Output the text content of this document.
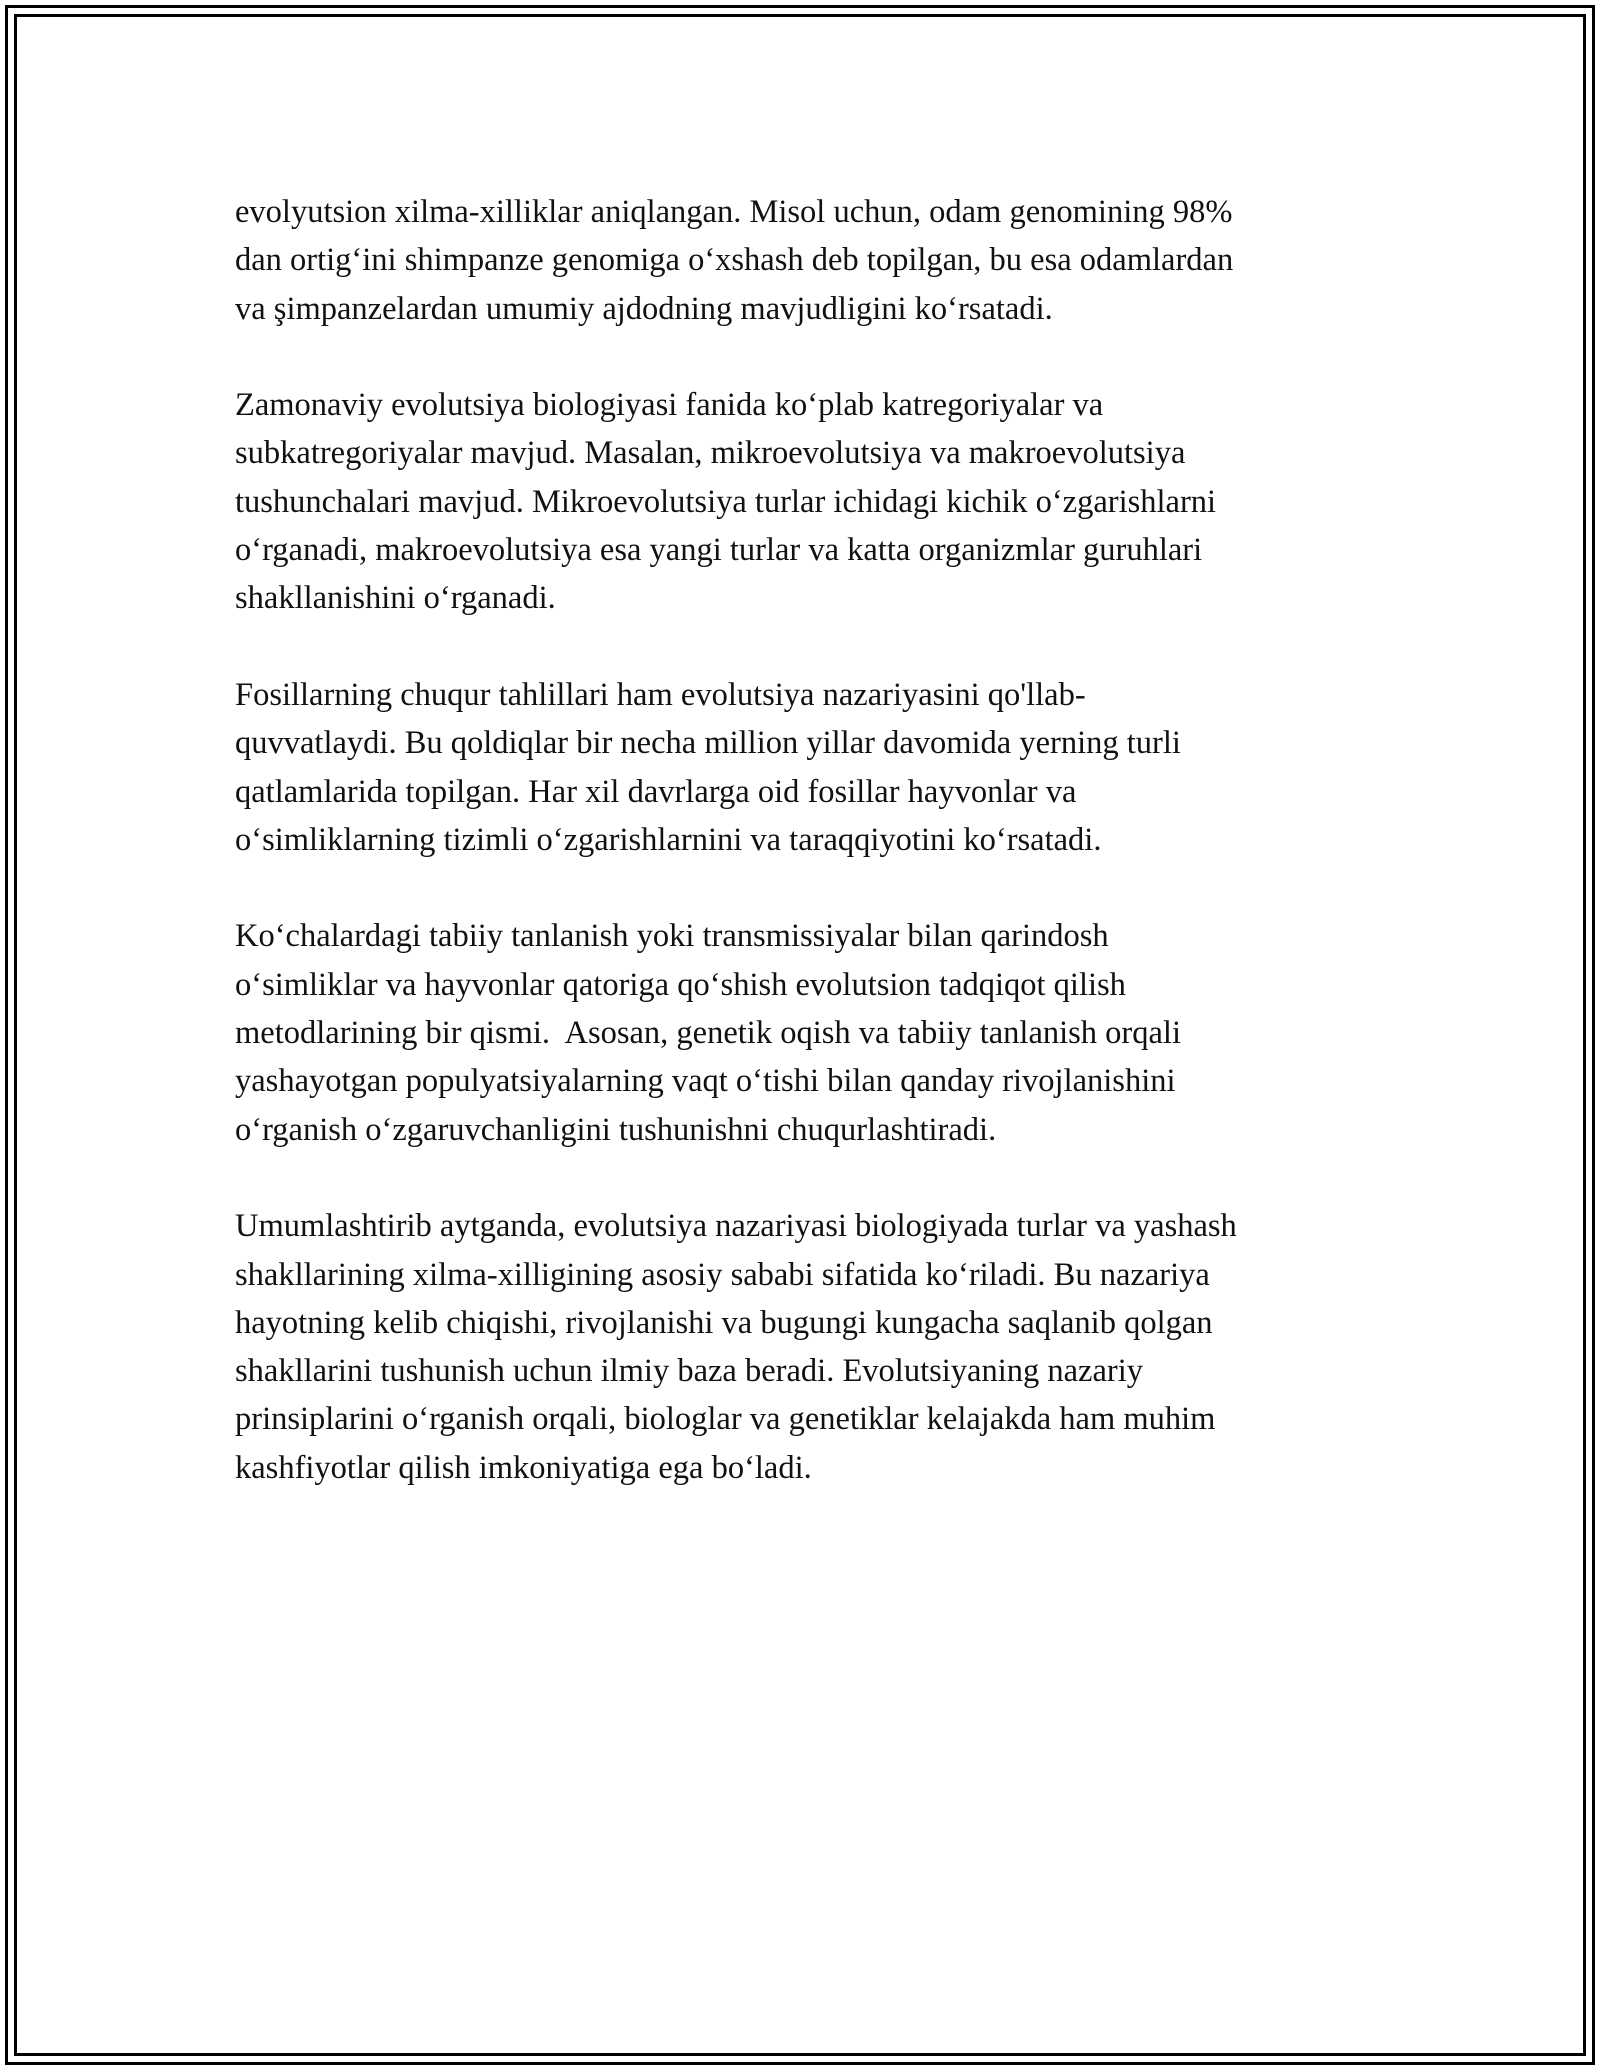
evolyutsion xilma-xilliklar aniqlangan. Misol uchun, odam genomining 98%
dan ortig‘ini shimpanze genomiga o‘xshash deb topilgan, bu esa odamlardan
va şimpanzelardan umumiy ajdodning mavjudligini ko‘rsatadi.

Zamonaviy evolutsiya biologiyasi fanida ko‘plab katregoriyalar va
subkatregoriyalar mavjud. Masalan, mikroevolutsiya va makroevolutsiya
tushunchalari mavjud. Mikroevolutsiya turlar ichidagi kichik o‘zgarishlarni
o‘rganadi, makroevolutsiya esa yangi turlar va katta organizmlar guruhlari
shakllanishini o‘rganadi.

Fosillarning chuqur tahlillari ham evolutsiya nazariyasini qo'llab-
quvvatlaydi. Bu qoldiqlar bir necha million yillar davomida yerning turli
qatlamlarida topilgan. Har xil davrlarga oid fosillar hayvonlar va
o‘simliklarning tizimli o‘zgarishlarnini va taraqqiyotini ko‘rsatadi.

Ko‘chalardagi tabiiy tanlanish yoki transmissiyalar bilan qarindosh
o‘simliklar va hayvonlar qatoriga qo‘shish evolutsion tadqiqot qilish
metodlarining bir qismi.  Asosan, genetik oqish va tabiiy tanlanish orqali
yashayotgan populyatsiyalarning vaqt o‘tishi bilan qanday rivojlanishini
o‘rganish o‘zgaruvchanligini tushunishni chuqurlashtiradi.

Umumlashtirib aytganda, evolutsiya nazariyasi biologiyada turlar va yashash
shakllarining xilma-xilligining asosiy sababi sifatida ko‘riladi. Bu nazariya
hayotning kelib chiqishi, rivojlanishi va bugungi kungacha saqlanib qolgan
shakllarini tushunish uchun ilmiy baza beradi. Evolutsiyaning nazariy
prinsiplarini o‘rganish orqali, biologlar va genetiklar kelajakda ham muhim
kashfiyotlar qilish imkoniyatiga ega bo‘ladi.
